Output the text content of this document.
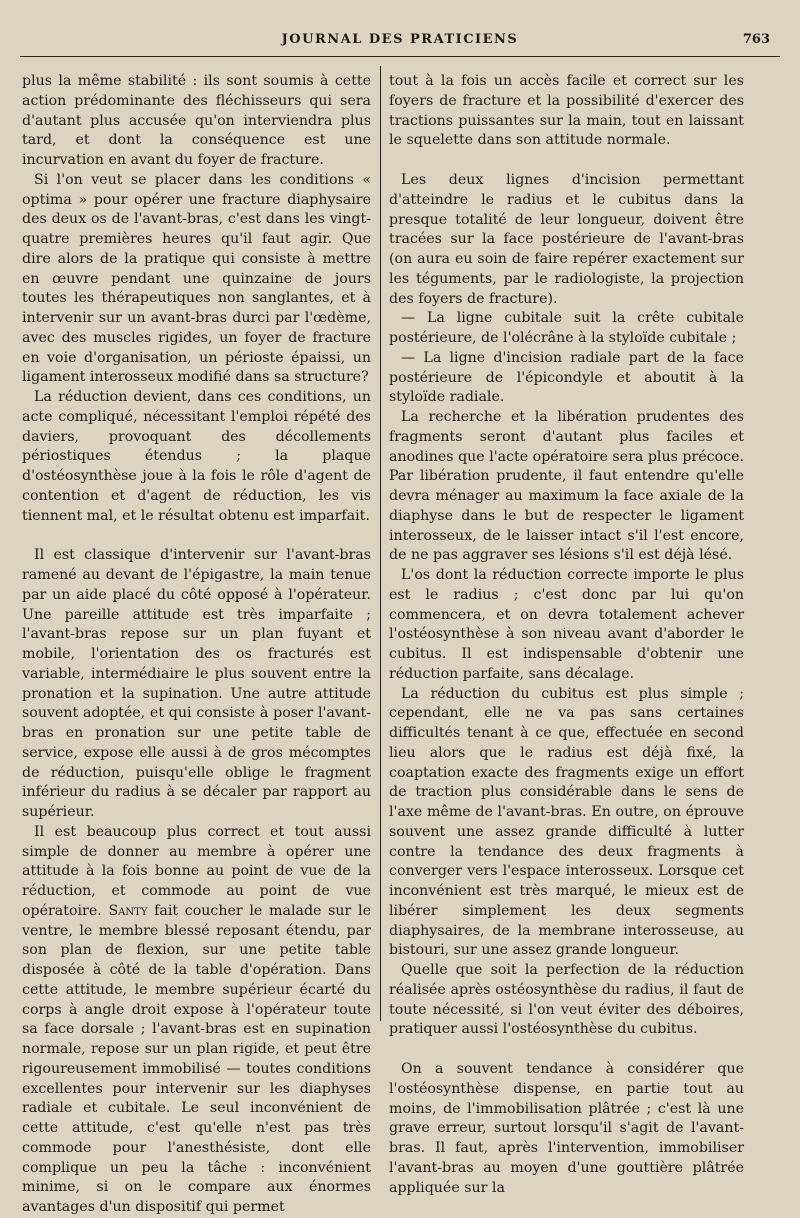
JOURNAL DES PRATICIENS	763

plus la même stabilité : ils sont soumis à cette action prédominante des fléchisseurs qui sera d'autant plus accusée qu'on interviendra plus tard, et dont la conséquence est une incurvation en avant du foyer de fracture.

Si l'on veut se placer dans les conditions « optima » pour opérer une fracture diaphysaire des deux os de l'avant-bras, c'est dans les vingt-quatre premières heures qu'il faut agir. Que dire alors de la pratique qui consiste à mettre en œuvre pendant une quinzaine de jours toutes les thérapeutiques non sanglantes, et à intervenir sur un avant-bras durci par l'œdème, avec des muscles rigides, un foyer de fracture en voie d'organisation, un périoste épaissi, un ligament interosseux modifié dans sa structure?

La réduction devient, dans ces conditions, un acte compliqué, nécessitant l'emploi répété des daviers, provoquant des décollements périostiques étendus ; la plaque d'ostéosynthèse joue à la fois le rôle d'agent de contention et d'agent de réduction, les vis tiennent mal, et le résultat obtenu est imparfait.

Il est classique d'intervenir sur l'avant-bras ramené au devant de l'épigastre, la main tenue par un aide placé du côté opposé à l'opérateur. Une pareille attitude est très imparfaite ; l'avant-bras repose sur un plan fuyant et mobile, l'orientation des os fracturés est variable, intermédiaire le plus souvent entre la pronation et la supination. Une autre attitude souvent adoptée, et qui consiste à poser l'avant-bras en pronation sur une petite table de service, expose elle aussi à de gros mécomptes de réduction, puisqu'elle oblige le fragment inférieur du radius à se décaler par rapport au supérieur.

Il est beaucoup plus correct et tout aussi simple de donner au membre à opérer une attitude à la fois bonne au point de vue de la réduction, et commode au point de vue opératoire. Santy fait coucher le malade sur le ventre, le membre blessé reposant étendu, par son plan de flexion, sur une petite table disposée à côté de la table d'opération. Dans cette attitude, le membre supérieur écarté du corps à angle droit expose à l'opérateur toute sa face dorsale ; l'avant-bras est en supination normale, repose sur un plan rigide, et peut être rigoureusement immobilisé — toutes conditions excellentes pour intervenir sur les diaphyses radiale et cubitale. Le seul inconvénient de cette attitude, c'est qu'elle n'est pas très commode pour l'anesthésiste, dont elle complique un peu la tâche : inconvénient minime, si on le compare aux énormes avantages d'un dispositif qui permet

tout à la fois un accès facile et correct sur les foyers de fracture et la possibilité d'exercer des tractions puissantes sur la main, tout en laissant le squelette dans son attitude normale.

Les deux lignes d'incision permettant d'atteindre le radius et le cubitus dans la presque totalité de leur longueur, doivent être tracées sur la face postérieure de l'avant-bras (on aura eu soin de faire repérer exactement sur les téguments, par le radiologiste, la projection des foyers de fracture).

— La ligne cubitale suit la crête cubitale postérieure, de l'olécrâne à la styloïde cubitale ;

— La ligne d'incision radiale part de la face postérieure de l'épicondyle et aboutit à la styloïde radiale.

La recherche et la libération prudentes des fragments seront d'autant plus faciles et anodines que l'acte opératoire sera plus précoce. Par libération prudente, il faut entendre qu'elle devra ménager au maximum la face axiale de la diaphyse dans le but de respecter le ligament interosseux, de le laisser intact s'il l'est encore, de ne pas aggraver ses lésions s'il est déjà lésé.

L'os dont la réduction correcte importe le plus est le radius ; c'est donc par lui qu'on commencera, et on devra totalement achever l'ostéosynthèse à son niveau avant d'aborder le cubitus. Il est indispensable d'obtenir une réduction parfaite, sans décalage.

La réduction du cubitus est plus simple ; cependant, elle ne va pas sans certaines difficultés tenant à ce que, effectuée en second lieu alors que le radius est déjà fixé, la coaptation exacte des fragments exige un effort de traction plus considérable dans le sens de l'axe même de l'avant-bras. En outre, on éprouve souvent une assez grande difficulté à lutter contre la tendance des deux fragments à converger vers l'espace interosseux. Lorsque cet inconvénient est très marqué, le mieux est de libérer simplement les deux segments diaphysaires, de la membrane interosseuse, au bistouri, sur une assez grande longueur.

Quelle que soit la perfection de la réduction réalisée après ostéosynthèse du radius, il faut de toute nécessité, si l'on veut éviter des déboires, pratiquer aussi l'ostéosynthèse du cubitus.

On a souvent tendance à considérer que l'ostéosynthèse dispense, en partie tout au moins, de l'immobilisation plâtrée ; c'est là une grave erreur, surtout lorsqu'il s'agit de l'avant-bras. Il faut, après l'intervention, immobiliser l'avant-bras au moyen d'une gouttière plâtrée appliquée sur la
